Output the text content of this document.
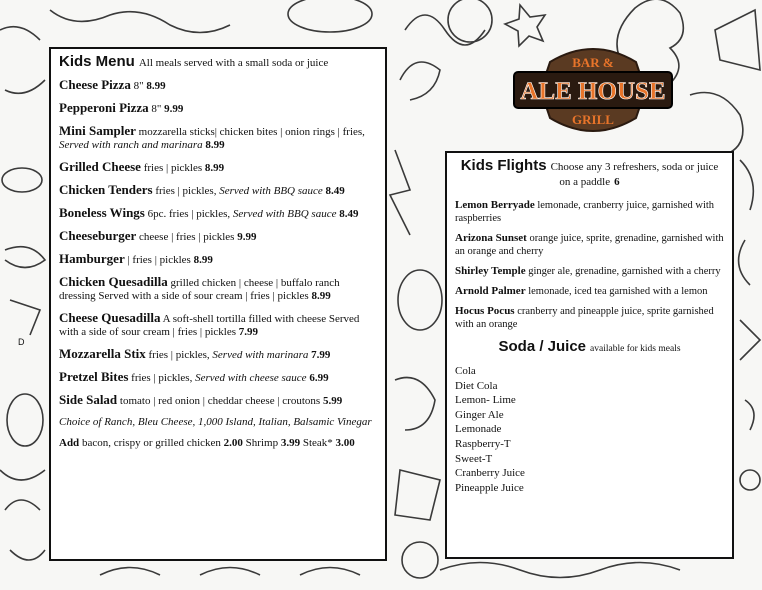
D
Kids Menu All meals served with a small soda or juice
Cheese Pizza 8" 8.99
Pepperoni Pizza 8" 9.99
Mini Sampler mozzarella sticks| chicken bites | onion rings | fries, Served with ranch and marinara 8.99
Grilled Cheese fries | pickles 8.99
Chicken Tenders fries | pickles, Served with BBQ sauce 8.49
Boneless Wings 6pc. fries | pickles, Served with BBQ sauce 8.49
Cheeseburger cheese | fries | pickles 9.99
Hamburger | fries | pickles 8.99
Chicken Quesadilla grilled chicken | cheese | buffalo ranch dressing Served with a side of sour cream | fries | pickles 8.99
Cheese Quesadilla A soft-shell tortilla filled with cheese Served with a side of sour cream | fries | pickles 7.99
Mozzarella Stix fries | pickles, Served with marinara 7.99
Pretzel Bites fries | pickles, Served with cheese sauce 6.99
Side Salad tomato | red onion | cheddar cheese | croutons 5.99
Choice of Ranch, Bleu Cheese, 1,000 Island, Italian, Balsamic Vinegar
Add bacon, crispy or grilled chicken 2.00 Shrimp 3.99 Steak* 3.00
BAR &
ALE HOUSE
GRILL
Kids Flights Choose any 3 refreshers, soda or juice on a paddle 6
Lemon Berryade lemonade, cranberry juice, garnished with raspberries
Arizona Sunset orange juice, sprite, grenadine, garnished with an orange and cherry
Shirley Temple ginger ale, grenadine, garnished with a cherry
Arnold Palmer lemonade, iced tea garnished with a lemon
Hocus Pocus cranberry and pineapple juice, sprite garnished with an orange
Soda / Juice available for kids meals
Cola
Diet Cola
Lemon- Lime
Ginger Ale
Lemonade
Raspberry-T
Sweet-T
Cranberry Juice
Pineapple Juice
